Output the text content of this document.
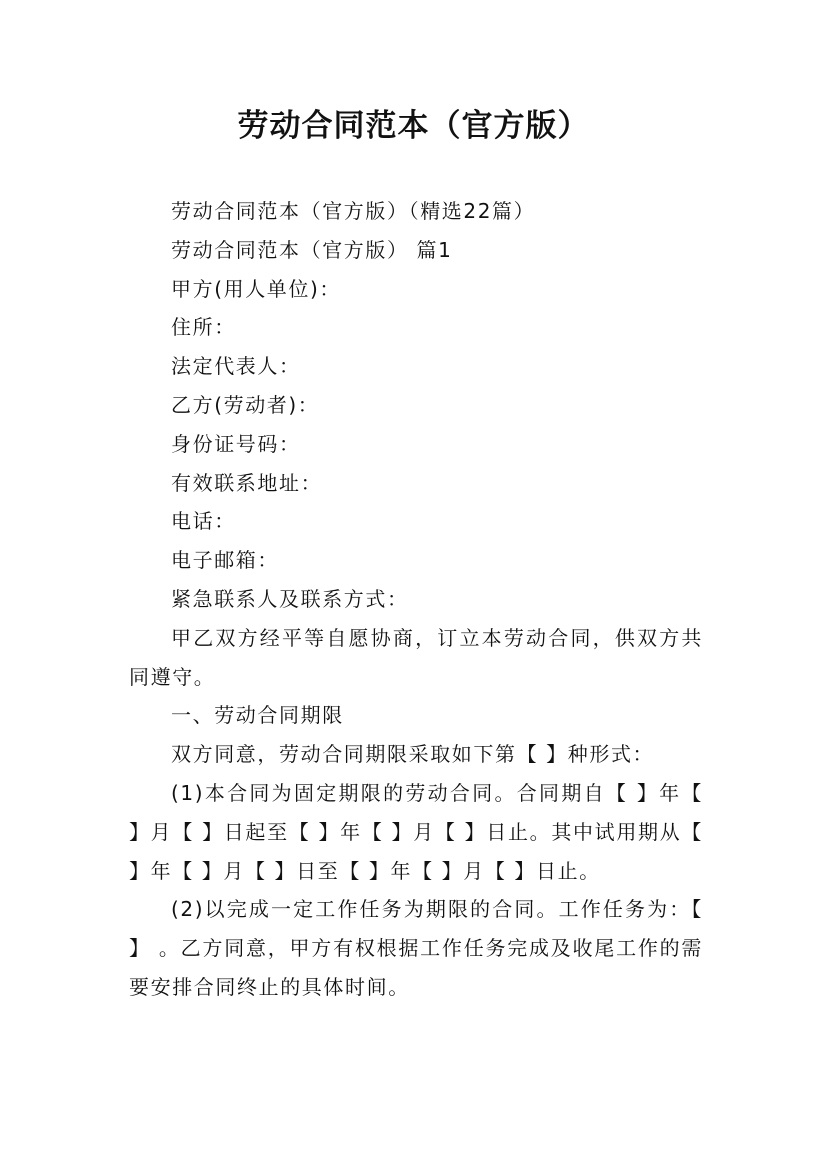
劳动合同范本（官方版）

劳动合同范本（官方版）（精选22篇）

劳动合同范本（官方版） 篇1

甲方(用人单位)：

住所：

法定代表人：

乙方(劳动者)：

身份证号码：

有效联系地址：

电话：

电子邮箱：

紧急联系人及联系方式：

甲乙双方经平等自愿协商，订立本劳动合同，供双方共同遵守。

一、劳动合同期限

双方同意，劳动合同期限采取如下第【 】种形式：

(1)本合同为固定期限的劳动合同。合同期自【 】年【 】月【 】日起至【 】年【 】月【 】日止。其中试用期从【 】年【 】月【 】日至【 】年【 】月【 】日止。

(2)以完成一定工作任务为期限的合同。工作任务为：【 】 。乙方同意，甲方有权根据工作任务完成及收尾工作的需要安排合同终止的具体时间。
